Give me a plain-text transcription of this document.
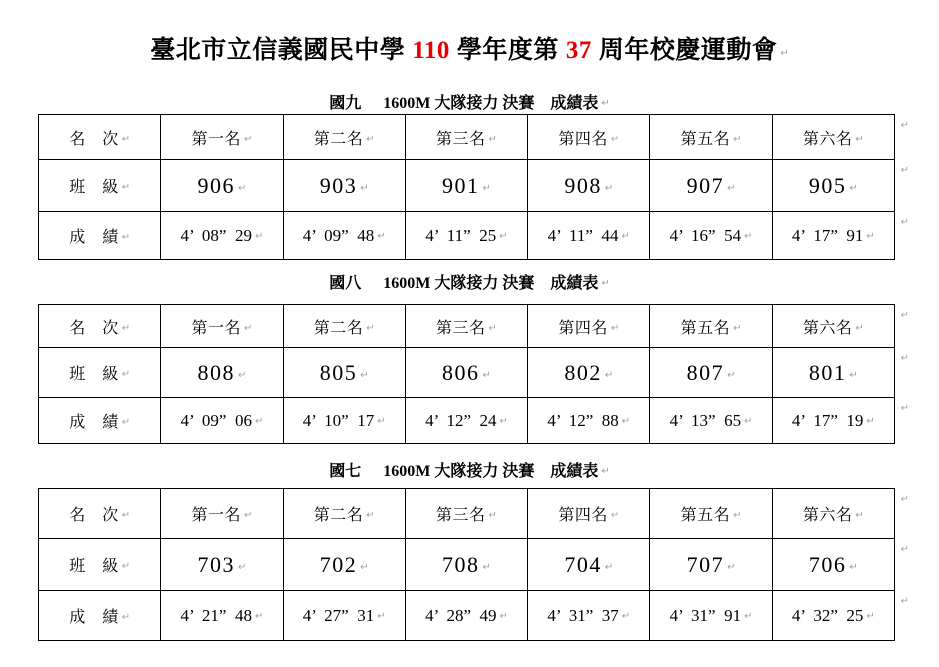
臺北市立信義國民中學 110 學年度第 37 周年校慶運動會 ↵
國九 1600M 大隊接力 決賽　成績表 ↵
名　次 ↵	第一名 ↵	第二名 ↵	第三名 ↵	第四名 ↵	第五名 ↵	第六名 ↵
↵

班　級 ↵	906 ↵	903 ↵	901 ↵	908 ↵	907 ↵	905 ↵
↵

成　績 ↵	4’  08”  29 ↵	4’  09”  48 ↵	4’  11”  25 ↵	4’  11”  44 ↵	4’  16”  54 ↵	4’  17”  91 ↵
↵
國八 1600M 大隊接力 決賽　成績表 ↵
名　次 ↵	第一名 ↵	第二名 ↵	第三名 ↵	第四名 ↵	第五名 ↵	第六名 ↵
↵

班　級 ↵	808 ↵	805 ↵	806 ↵	802 ↵	807 ↵	801 ↵
↵

成　績 ↵	4’  09”  06 ↵	4’  10”  17 ↵	4’  12”  24 ↵	4’  12”  88 ↵	4’  13”  65 ↵	4’  17”  19 ↵
↵
國七 1600M 大隊接力 決賽　成績表 ↵
名　次 ↵	第一名 ↵	第二名 ↵	第三名 ↵	第四名 ↵	第五名 ↵	第六名 ↵
↵

班　級 ↵	703 ↵	702 ↵	708 ↵	704 ↵	707 ↵	706 ↵
↵

成　績 ↵	4’  21”  48 ↵	4’  27”  31 ↵	4’  28”  49 ↵	4’  31”  37 ↵	4’  31”  91 ↵	4’  32”  25 ↵
↵
